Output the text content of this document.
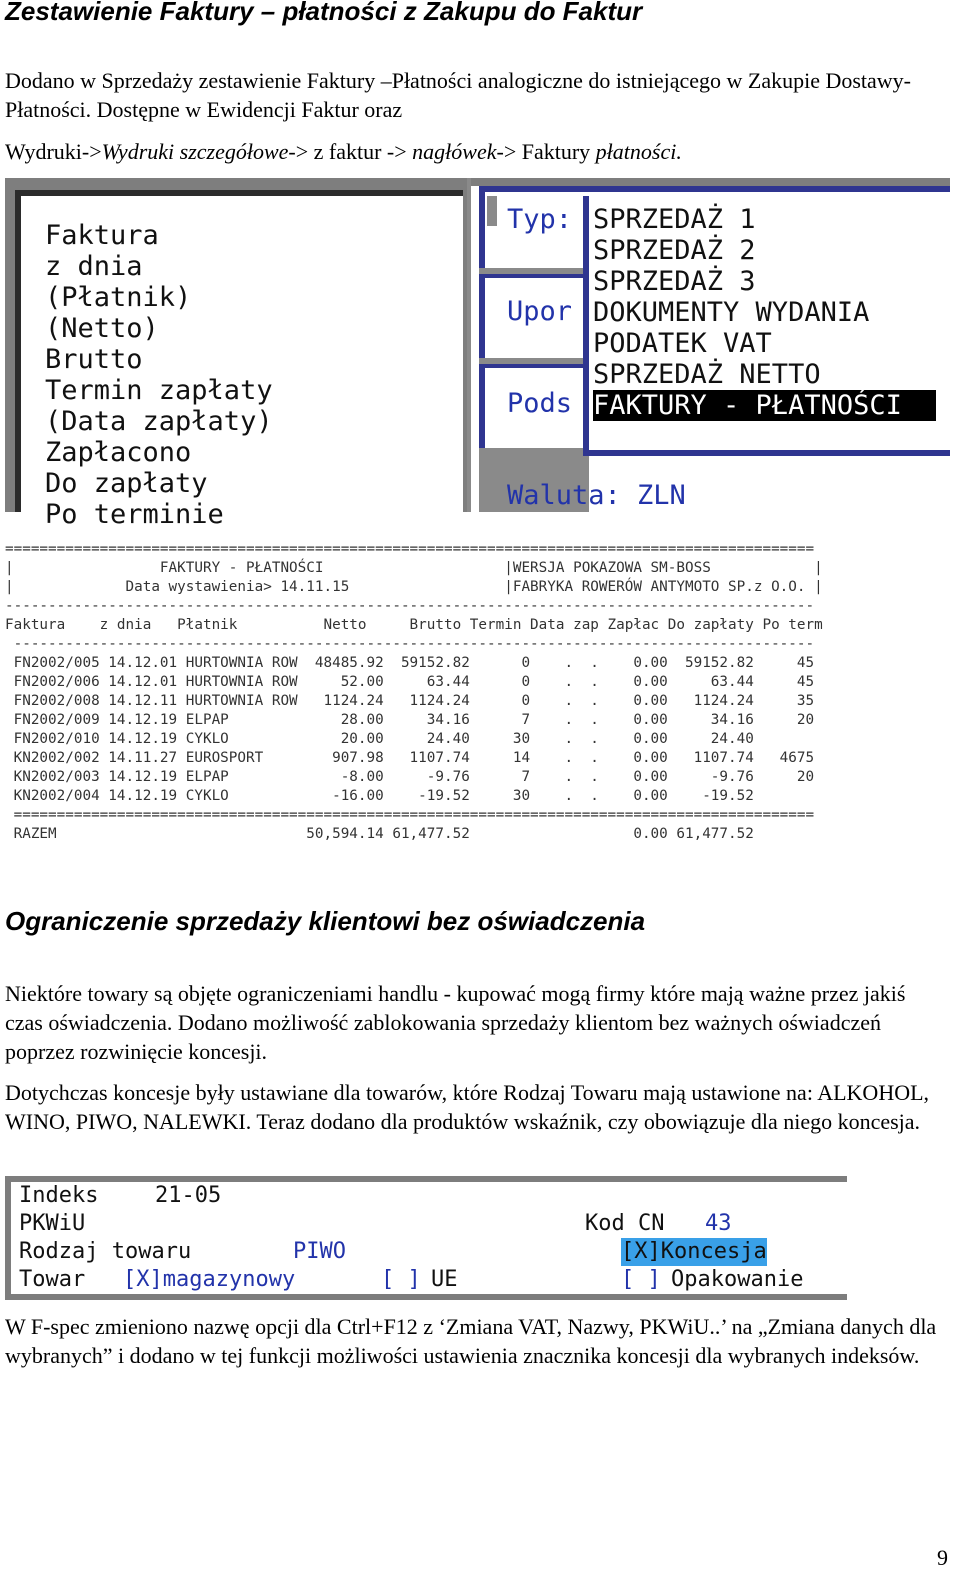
Zestawienie Faktury – płatności z Zakupu do Faktur

Dodano w Sprzedaży zestawienie Faktury –Płatności analogiczne do istniejącego w Zakupie Dostawy-Płatności. Dostępne w Ewidencji Faktur oraz

Wydruki->Wydruki szczegółowe-> z faktur -> nagłówek-> Faktury płatności.

Faktura
z dnia
(Płatnik)
(Netto)
Brutto
Termin zapłaty
(Data zapłaty)
Zapłacono
Do zapłaty
Po terminie
Typ:
Upor
Pods
Waluta: ZLN
SPRZEDAŻ 1
SPRZEDAŻ 2
SPRZEDAŻ 3
DOKUMENTY WYDANIA
PODATEK VAT
SPRZEDAŻ NETTO
FAKTURY - PŁATNOŚCI
==============================================================================================
|                 FAKTURY - PŁATNOŚCI                     |WERSJA POKAZOWA SM-BOSS            |
|             Data wystawienia> 14.11.15                  |FABRYKA ROWERÓW ANTYMOTO SP.z O.O. |
----------------------------------------------------------------------------------------------
Faktura    z dnia   Płatnik          Netto     Brutto Termin Data zap Zapłac Do zapłaty Po term
---------------------------------------------------------------------------------------------
FN2002/005 14.12.01 HURTOWNIA ROW  48485.92  59152.82      0    .  .    0.00  59152.82     45
FN2002/006 14.12.01 HURTOWNIA ROW     52.00     63.44      0    .  .    0.00     63.44     45
FN2002/008 14.12.11 HURTOWNIA ROW   1124.24   1124.24      0    .  .    0.00   1124.24     35
FN2002/009 14.12.19 ELPAP             28.00     34.16      7    .  .    0.00     34.16     20
FN2002/010 14.12.19 CYKLO             20.00     24.40     30    .  .    0.00     24.40
KN2002/002 14.11.27 EUROSPORT        907.98   1107.74     14    .  .    0.00   1107.74   4675
KN2002/003 14.12.19 ELPAP             -8.00     -9.76      7    .  .    0.00     -9.76     20
KN2002/004 14.12.19 CYKLO            -16.00    -19.52     30    .  .    0.00    -19.52
=============================================================================================
RAZEM                             50,594.14 61,477.52                   0.00 61,477.52
Ograniczenie sprzedaży klientowi bez oświadczenia

Niektóre towary są objęte ograniczeniami handlu - kupować mogą firmy które mają ważne przez jakiś czas oświadczenia. Dodano możliwość zablokowania sprzedaży klientom bez ważnych oświadczeń poprzez rozwinięcie koncesji.

Dotychczas koncesje były ustawiane dla towarów, które Rodzaj Towaru mają ustawione na: ALKOHOL, WINO, PIWO, NALEWKI. Teraz dodano dla produktów wskaźnik, czy obowiązuje dla niego koncesja.

Indeks	21-05
PKWiU	Kod CN 43
Rodzaj towaru	PIWO	[X]Koncesja
Towar [X]magazynowy	[ ] UE	[ ] Opakowanie

W F-spec zmieniono nazwę opcji dla Ctrl+F12 z ‘Zmiana VAT, Nazwy, PKWiU..’ na „Zmiana danych dla wybranych” i dodano w tej funkcji możliwości ustawienia znacznika koncesji dla wybranych indeksów.

9
